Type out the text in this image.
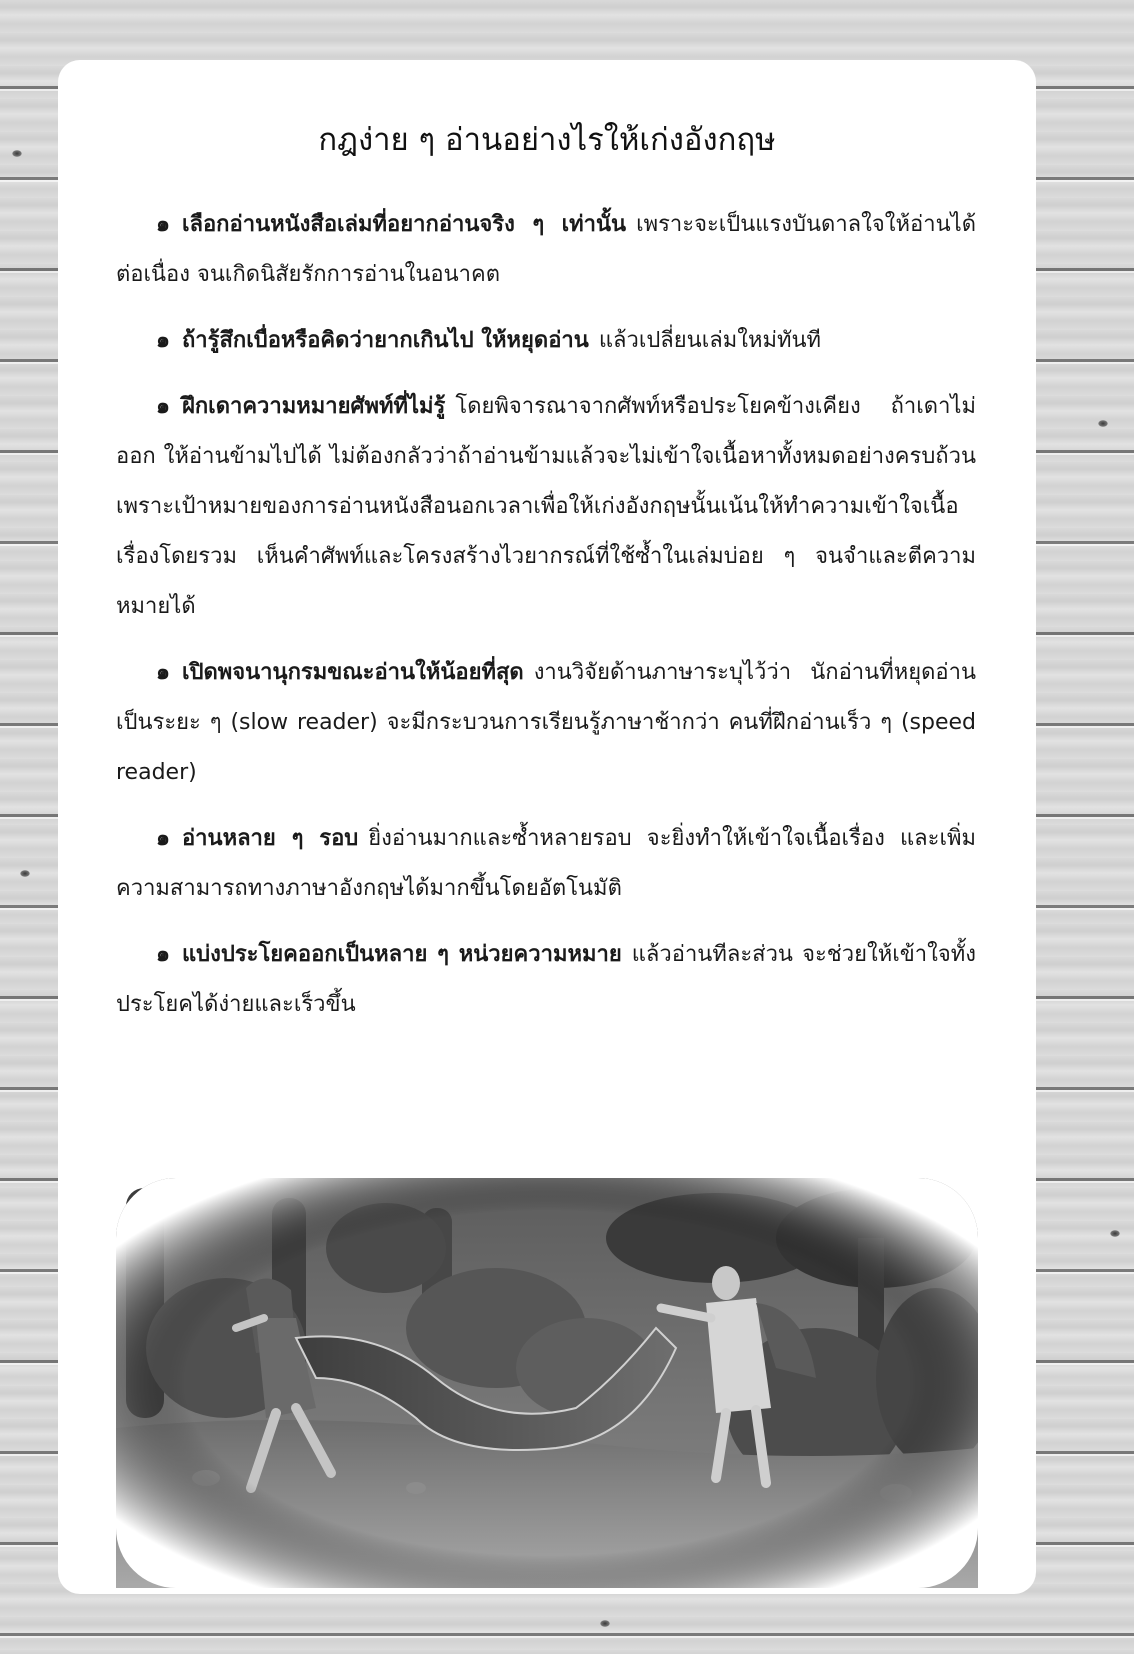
กฎง่าย ๆ อ่านอย่างไรให้เก่งอังกฤษ

๑ เลือกอ่านหนังสือเล่มที่อยากอ่านจริง ๆ เท่านั้น เพราะจะเป็นแรงบันดาลใจให้อ่านได้ต่อเนื่อง จนเกิดนิสัยรักการอ่านในอนาคต

๑ ถ้ารู้สึกเบื่อหรือคิดว่ายากเกินไป ให้หยุดอ่าน แล้วเปลี่ยนเล่มใหม่ทันที

๑ ฝึกเดาความหมายศัพท์ที่ไม่รู้ โดยพิจารณาจากศัพท์หรือประโยคข้างเคียง ถ้าเดาไม่ออก ให้อ่านข้ามไปได้ ไม่ต้องกลัวว่าถ้าอ่านข้ามแล้วจะไม่เข้าใจเนื้อหาทั้งหมดอย่างครบถ้วน เพราะเป้าหมายของการอ่านหนังสือนอกเวลาเพื่อให้เก่งอังกฤษนั้นเน้นให้ทำความเข้าใจเนื้อเรื่องโดยรวม เห็นคำศัพท์และโครงสร้างไวยากรณ์ที่ใช้ซ้ำในเล่มบ่อย ๆ จนจำและตีความหมายได้

๑ เปิดพจนานุกรมขณะอ่านให้น้อยที่สุด งานวิจัยด้านภาษาระบุไว้ว่า นักอ่านที่หยุดอ่านเป็นระยะ ๆ (slow reader) จะมีกระบวนการเรียนรู้ภาษาช้ากว่า คนที่ฝึกอ่านเร็ว ๆ (speed reader)

๑ อ่านหลาย ๆ รอบ ยิ่งอ่านมากและซ้ำหลายรอบ จะยิ่งทำให้เข้าใจเนื้อเรื่อง และเพิ่มความสามารถทางภาษาอังกฤษได้มากขึ้นโดยอัตโนมัติ

๑ แบ่งประโยคออกเป็นหลาย ๆ หน่วยความหมาย แล้วอ่านทีละส่วน จะช่วยให้เข้าใจทั้งประโยคได้ง่ายและเร็วขึ้น
